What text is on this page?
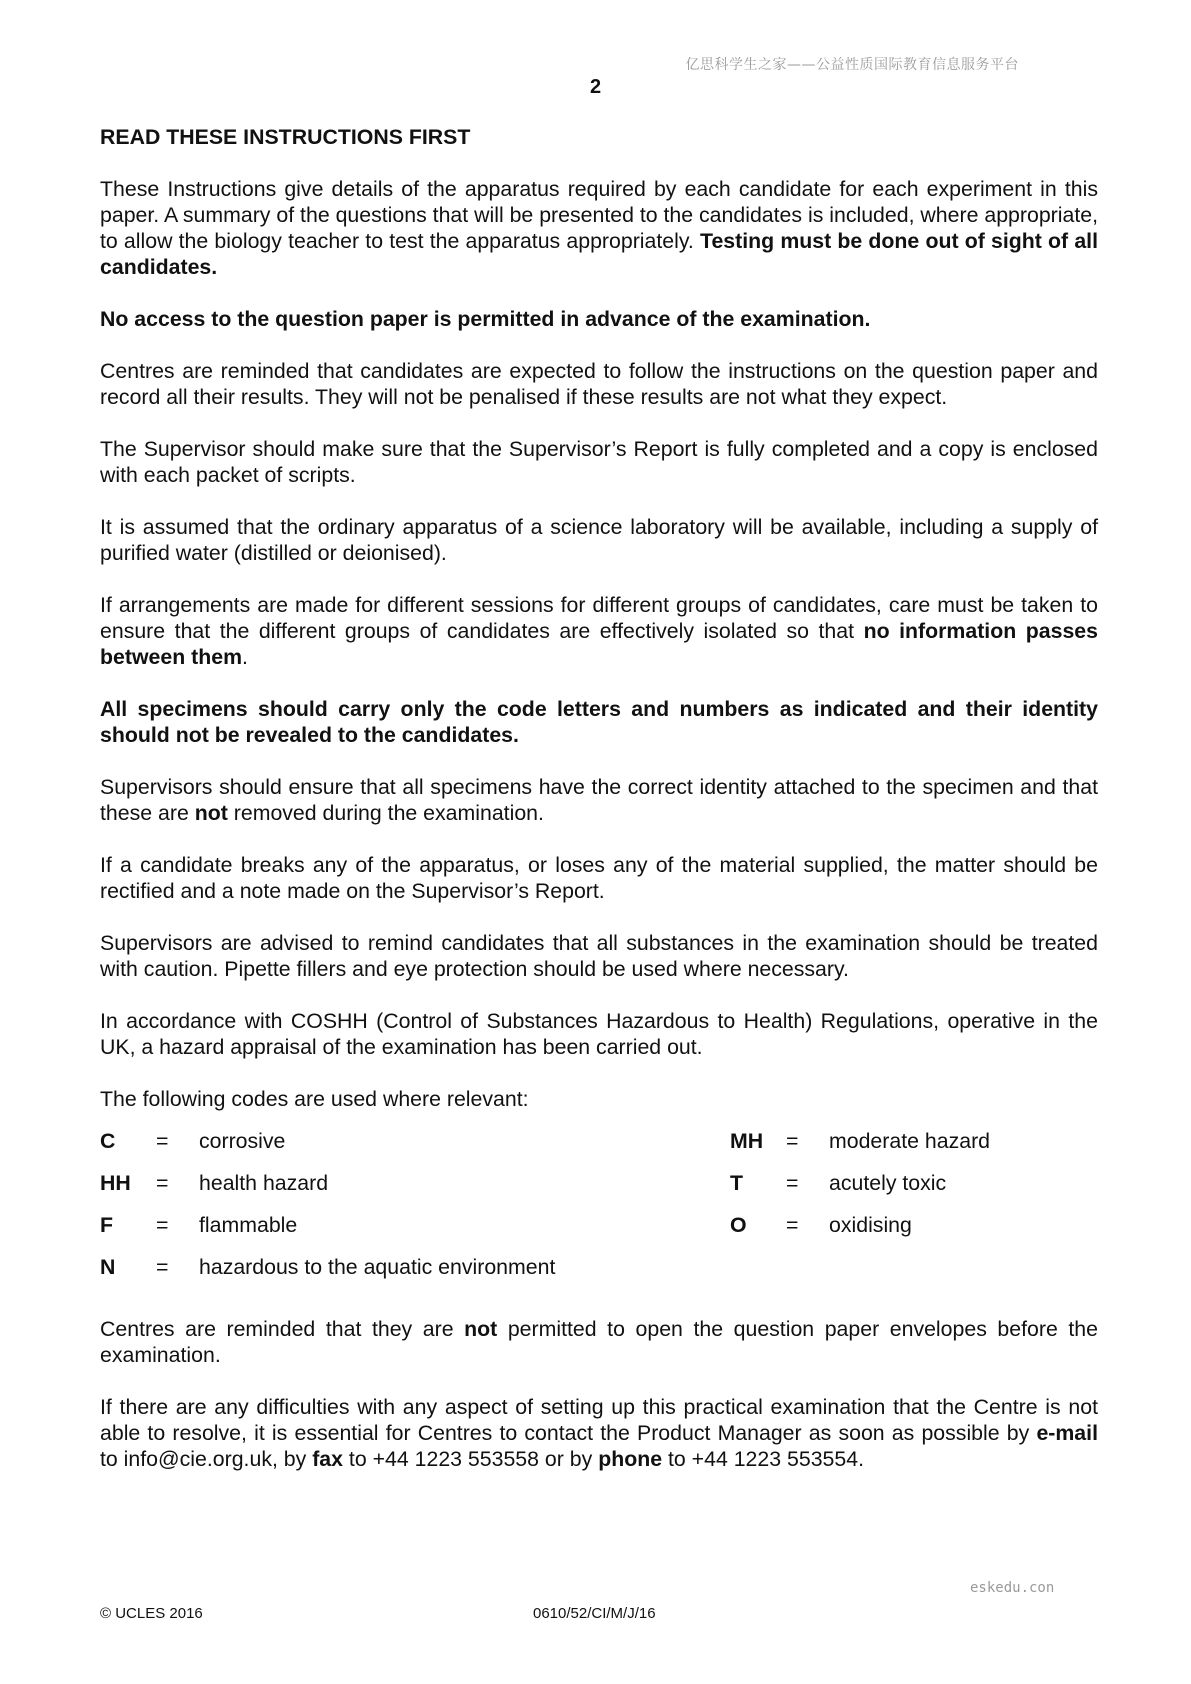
亿思科学生之家——公益性质国际教育信息服务平台
2
READ THESE INSTRUCTIONS FIRST
These Instructions give details of the apparatus required by each candidate for each experiment in this paper. A summary of the questions that will be presented to the candidates is included, where appropriate, to allow the biology teacher to test the apparatus appropriately. Testing must be done out of sight of all candidates.
No access to the question paper is permitted in advance of the examination.
Centres are reminded that candidates are expected to follow the instructions on the question paper and record all their results. They will not be penalised if these results are not what they expect.
The Supervisor should make sure that the Supervisor’s Report is fully completed and a copy is enclosed with each packet of scripts.
It is assumed that the ordinary apparatus of a science laboratory will be available, including a supply of purified water (distilled or deionised).
If arrangements are made for different sessions for different groups of candidates, care must be taken to ensure that the different groups of candidates are effectively isolated so that no information passes between them.
All specimens should carry only the code letters and numbers as indicated and their identity should not be revealed to the candidates.
Supervisors should ensure that all specimens have the correct identity attached to the specimen and that these are not removed during the examination.
If a candidate breaks any of the apparatus, or loses any of the material supplied, the matter should be rectified and a note made on the Supervisor’s Report.
Supervisors are advised to remind candidates that all substances in the examination should be treated with caution. Pipette fillers and eye protection should be used where necessary.
In accordance with COSHH (Control of Substances Hazardous to Health) Regulations, operative in the UK, a hazard appraisal of the examination has been carried out.
The following codes are used where relevant:
C = corrosive
HH = health hazard
F = flammable
N = hazardous to the aquatic environment
MH = moderate hazard
T = acutely toxic
O = oxidising
Centres are reminded that they are not permitted to open the question paper envelopes before the examination.
If there are any difficulties with any aspect of setting up this practical examination that the Centre is not able to resolve, it is essential for Centres to contact the Product Manager as soon as possible by e-mail to info@cie.org.uk, by fax to +44 1223 553558 or by phone to +44 1223 553554.
eskedu.con
© UCLES 2016	0610/52/CI/M/J/16
